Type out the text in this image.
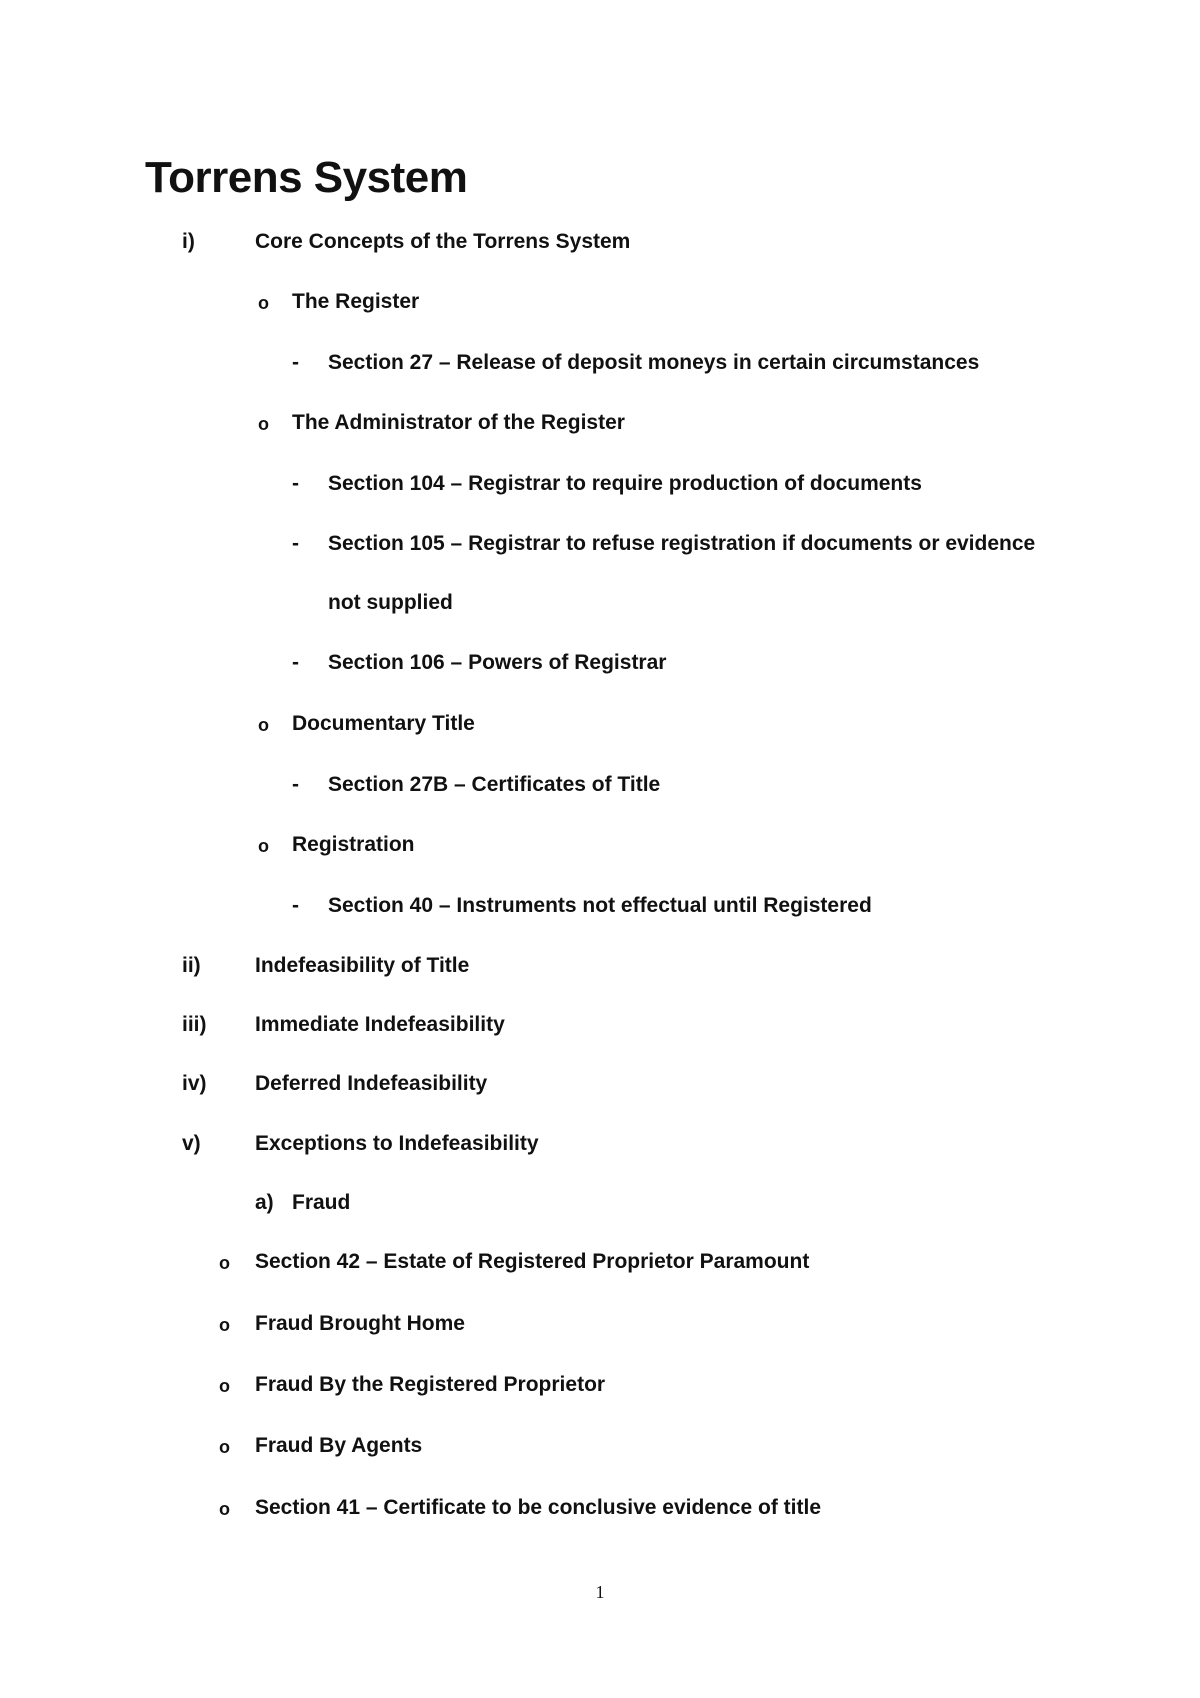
Torrens System
i)	Core Concepts of the Torrens System
o The Register
- Section 27 – Release of deposit moneys in certain circumstances
o The Administrator of the Register
- Section 104 – Registrar to require production of documents
- Section 105 – Registrar to refuse registration if documents or evidence
not supplied
- Section 106 – Powers of Registrar
o Documentary Title
- Section 27B – Certificates of Title
o Registration
- Section 40 – Instruments not effectual until Registered
ii)	Indefeasibility of Title
iii) Immediate Indefeasibility
iv) Deferred Indefeasibility
v)	Exceptions to Indefeasibility
a) Fraud
o Section 42 – Estate of Registered Proprietor Paramount
o Fraud Brought Home
o Fraud By the Registered Proprietor
o Fraud By Agents
o Section 41 – Certificate to be conclusive evidence of title
1
